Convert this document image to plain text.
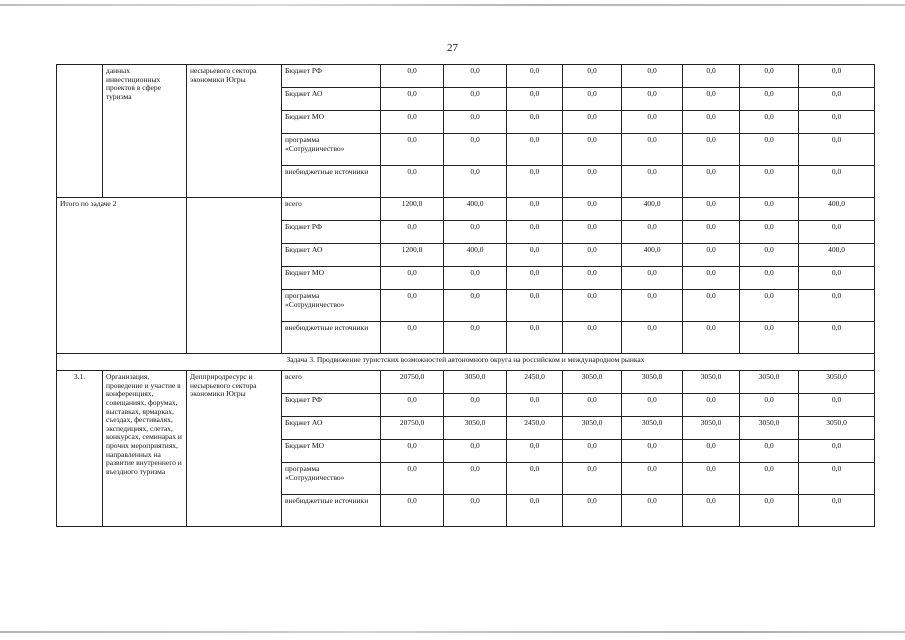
27
	данных инвестиционных проектов в сфере туризма	несырьевого сектора экономики Югры	Бюджет РФ	0,0	0,0	0,0	0,0	0,0	0,0	0,0	0,0
			Бюджет АО	0,0	0,0	0,0	0,0	0,0	0,0	0,0	0,0
			Бюджет МО	0,0	0,0	0,0	0,0	0,0	0,0	0,0	0,0
			программа «Сотрудничество»	0,0	0,0	0,0	0,0	0,0	0,0	0,0	0,0
			внебюджетные источники	0,0	0,0	0,0	0,0	0,0	0,0	0,0	0,0
Итого по задаче 2			всего	1200,0	400,0	0,0	0,0	400,0	0,0	0,0	400,0
			Бюджет РФ	0,0	0,0	0,0	0,0	0,0	0,0	0,0	0,0
			Бюджет АО	1200,0	400,0	0,0	0,0	400,0	0,0	0,0	400,0
			Бюджет МО	0,0	0,0	0,0	0,0	0,0	0,0	0,0	0,0
			программа «Сотрудничество»	0,0	0,0	0,0	0,0	0,0	0,0	0,0	0,0
			внебюджетные источники	0,0	0,0	0,0	0,0	0,0	0,0	0,0	0,0
Задача 3. Продвижение туристских возможностей автономного округа на российском и международном рынках											
3.1.	Организация, проведение и участие в конференциях, совещаниях, форумах, выставках, ярмарках, съездах, фестивалях, экспедициях, слетах, конкурсах, семинарах и прочих мероприятиях, направленных на развитие внутреннего и въездного туризма	Депприродресурс и несырьевого сектора экономики Югры	всего	20750,0	3050,0	2450,0	3050,0	3050,0	3050,0	3050,0	3050,0
			Бюджет РФ	0,0	0,0	0,0	0,0	0,0	0,0	0,0	0,0
			Бюджет АО	20750,0	3050,0	2450,0	3050,0	3050,0	3050,0	3050,0	3050,0
			Бюджет МО	0,0	0,0	0,0	0,0	0,0	0,0	0,0	0,0
			программа «Сотрудничество»	0,0	0,0	0,0	0,0	0,0	0,0	0,0	0,0
			внебюджетные источники	0,0	0,0	0,0	0,0	0,0	0,0	0,0	0,0
